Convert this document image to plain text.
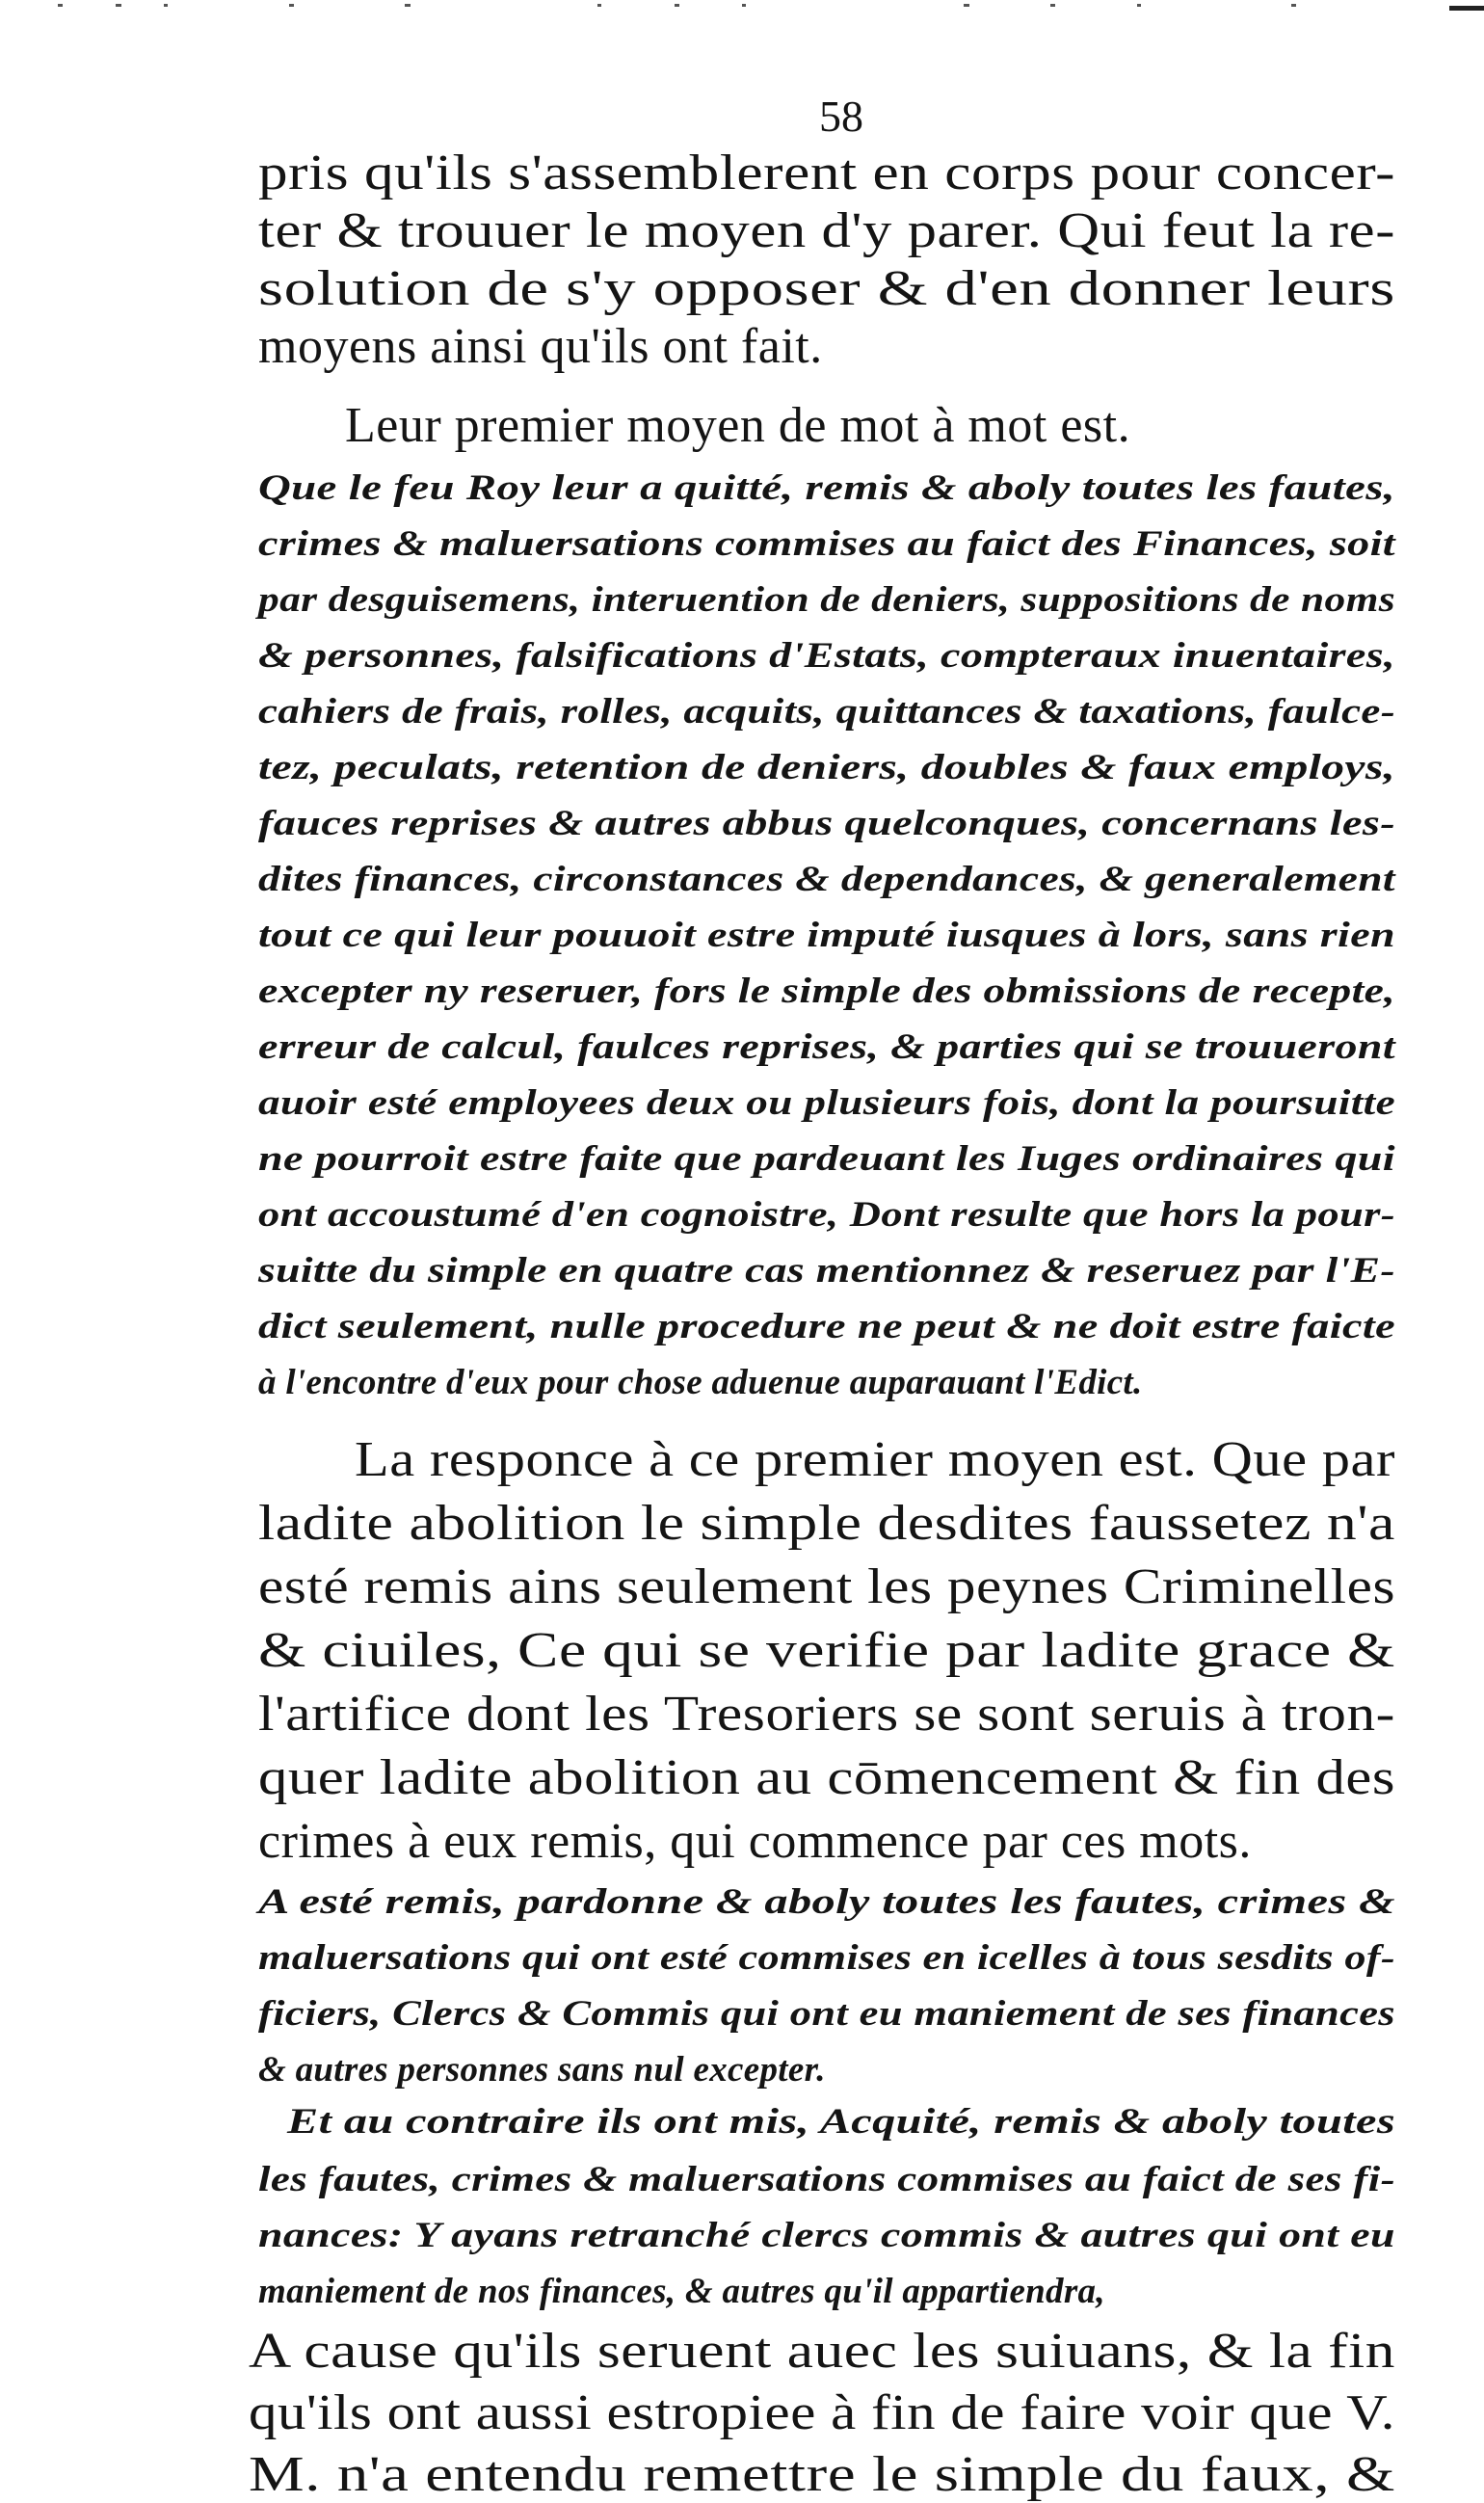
58
pris qu'ils s'assemblerent en corps pour concer-
ter & trouuer le moyen d'y parer. Qui feut la re-
solution de s'y opposer & d'en donner leurs
moyens ainsi qu'ils ont fait.
Leur premier moyen de mot à mot est.
Que le feu Roy leur a quitté, remis & aboly toutes les fautes,
crimes & maluersations commises au faict des Finances, soit
par desguisemens, interuention de deniers, suppositions de noms
& personnes, falsifications d'Estats, compteraux inuentaires,
cahiers de frais, rolles, acquits, quittances & taxations, faulce-
tez, peculats, retention de deniers, doubles & faux employs,
fauces reprises & autres abbus quelconques, concernans les-
dites finances, circonstances & dependances, & generalement
tout ce qui leur pouuoit estre imputé iusques à lors, sans rien
excepter ny reseruer, fors le simple des obmissions de recepte,
erreur de calcul, faulces reprises, & parties qui se trouueront
auoir esté employees deux ou plusieurs fois, dont la poursuitte
ne pourroit estre faite que pardeuant les Iuges ordinaires qui
ont accoustumé d'en cognoistre, Dont resulte que hors la pour-
suitte du simple en quatre cas mentionnez & reseruez par l'E-
dict seulement, nulle procedure ne peut & ne doit estre faicte
à l'encontre d'eux pour chose aduenue auparauant l'Edict.
La responce à ce premier moyen est. Que par
ladite abolition le simple desdites faussetez n'a
esté remis ains seulement les peynes Criminelles
& ciuiles, Ce qui se verifie par ladite grace &
l'artifice dont les Tresoriers se sont seruis à tron-
quer ladite abolition au cōmencement & fin des
crimes à eux remis, qui commence par ces mots.
A esté remis, pardonne & aboly toutes les fautes, crimes &
maluersations qui ont esté commises en icelles à tous sesdits of-
ficiers, Clercs & Commis qui ont eu maniement de ses finances
& autres personnes sans nul excepter.
Et au contraire ils ont mis, Acquité, remis & aboly toutes
les fautes, crimes & maluersations commises au faict de ses fi-
nances: Y ayans retranché clercs commis & autres qui ont eu
maniement de nos finances, & autres qu'il appartiendra,
A cause qu'ils seruent auec les suiuans, & la fin
qu'ils ont aussi estropiee à fin de faire voir que V.
M. n'a entendu remettre le simple du faux, &
